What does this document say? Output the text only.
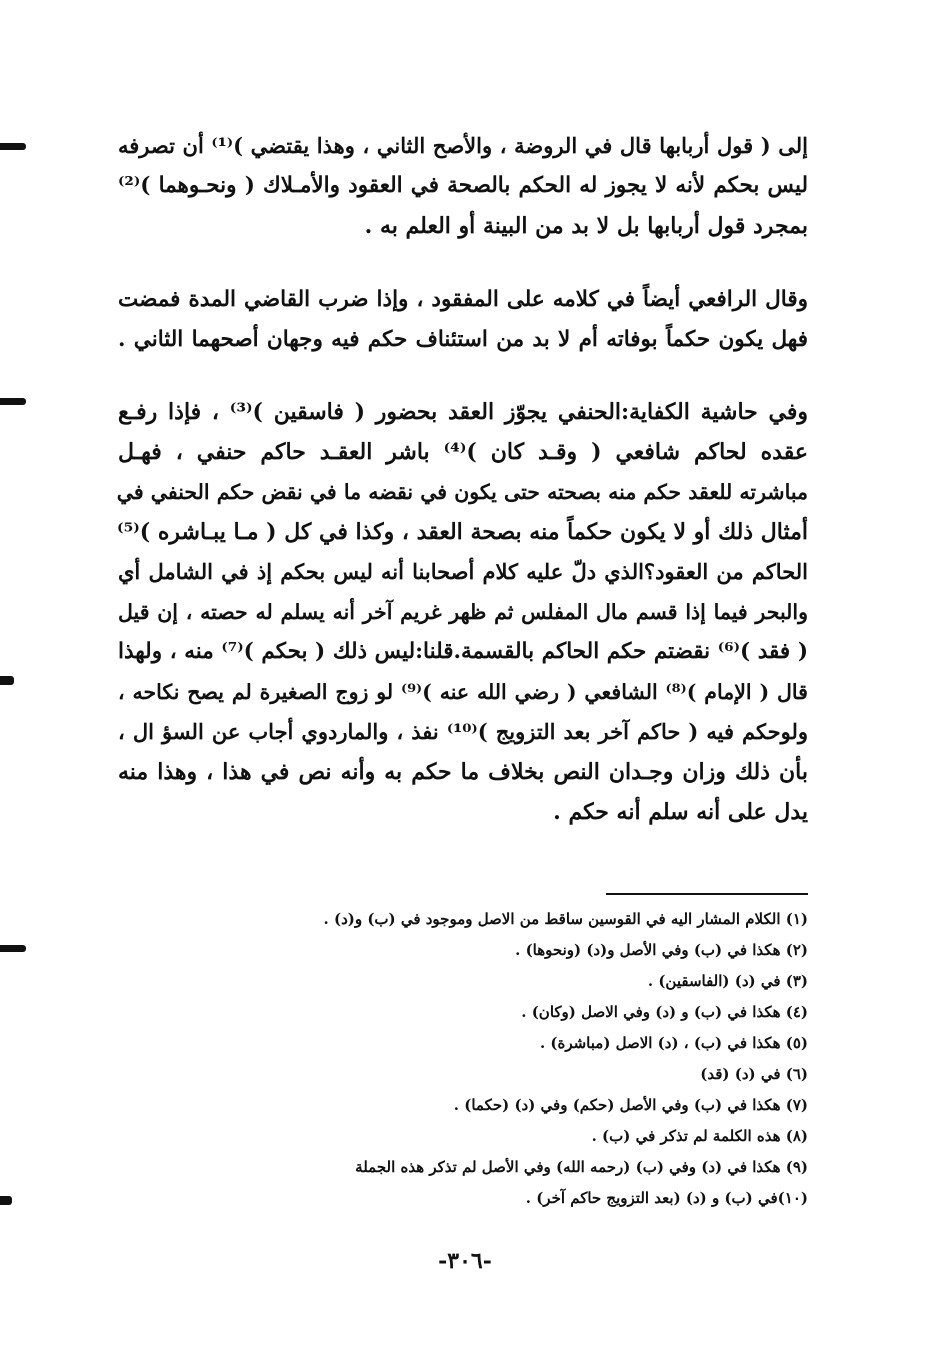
إلى ( قول أربابها قال في الروضة ، والأصح الثاني ، وهذا يقتضي )⁽¹⁾ أن تصرفه
ليس بحكم لأنه لا يجوز له الحكم بالصحة في العقود والأمـلاك ( ونحـوهما )⁽²⁾
بمجرد قول أربابها بل لا بد من البينة أو العلم به .
وقال الرافعي أيضاً في كلامه على المفقود ، وإذا ضرب القاضي المدة فمضت
فهل يكون حكماً بوفاته أم لا بد من استئناف حكم فيه وجهان أصحهما الثاني .
وفي حاشية الكفاية:الحنفي يجوّز العقد بحضور ( فاسقين )⁽³⁾ ، فإذا رفـع
عقده لحاكم شافعي ( وقـد كان )⁽⁴⁾ باشر العقـد حاكم حنفي ، فهـل
مباشرته للعقد حكم منه بصحته حتى يكون في نقضه ما في نقض حكم الحنفي في
أمثال ذلك أو لا يكون حكماً منه بصحة العقد ، وكذا في كل ( مـا يبـاشره )⁽⁵⁾
الحاكم من العقود؟الذي دلّ عليه كلام أصحابنا أنه ليس بحكم إذ في الشامل أي
والبحر فيما إذا قسم مال المفلس ثم ظهر غريم آخر أنه يسلم له حصته ، إن قيل
( فقد )⁽⁶⁾ نقضتم حكم الحاكم بالقسمة.قلنا:ليس ذلك ( بحكم )⁽⁷⁾ منه ، ولهذا
قال ( الإمام )⁽⁸⁾ الشافعي ( رضي الله عنه )⁽⁹⁾ لو زوج الصغيرة لم يصح نكاحه ،
ولوحكم فيه ( حاكم آخر بعد التزويج )⁽¹⁰⁾ نفذ ، والماردوي أجاب عن السؤ ال ،
بأن ذلك وزان وجـدان النص بخلاف ما حكم به وأنه نص في هذا ، وهذا منه
يدل على أنه سلم أنه حكم .
(١) الكلام المشار اليه في القوسين ساقط من الاصل وموجود في (ب) و(د) .
(٢) هكذا في (ب) وفي الأصل و(د) (ونحوها) .
(٣) في (د) (الفاسقين) .
(٤) هكذا في (ب) و (د) وفي الاصل (وكان) .
(٥) هكذا في (ب) ، (د) الاصل (مباشرة) .
(٦) في (د) (قد)
(٧) هكذا في (ب) وفي الأصل (حكم) وفي (د) (حكما) .
(٨) هذه الكلمة لم تذكر في (ب) .
(٩) هكذا في (د) وفي (ب) (رحمه الله) وفي الأصل لم تذكر هذه الجملة
(١٠)في (ب) و (د) (بعد التزويج حاكم آخر) .
-٣٠٦-
